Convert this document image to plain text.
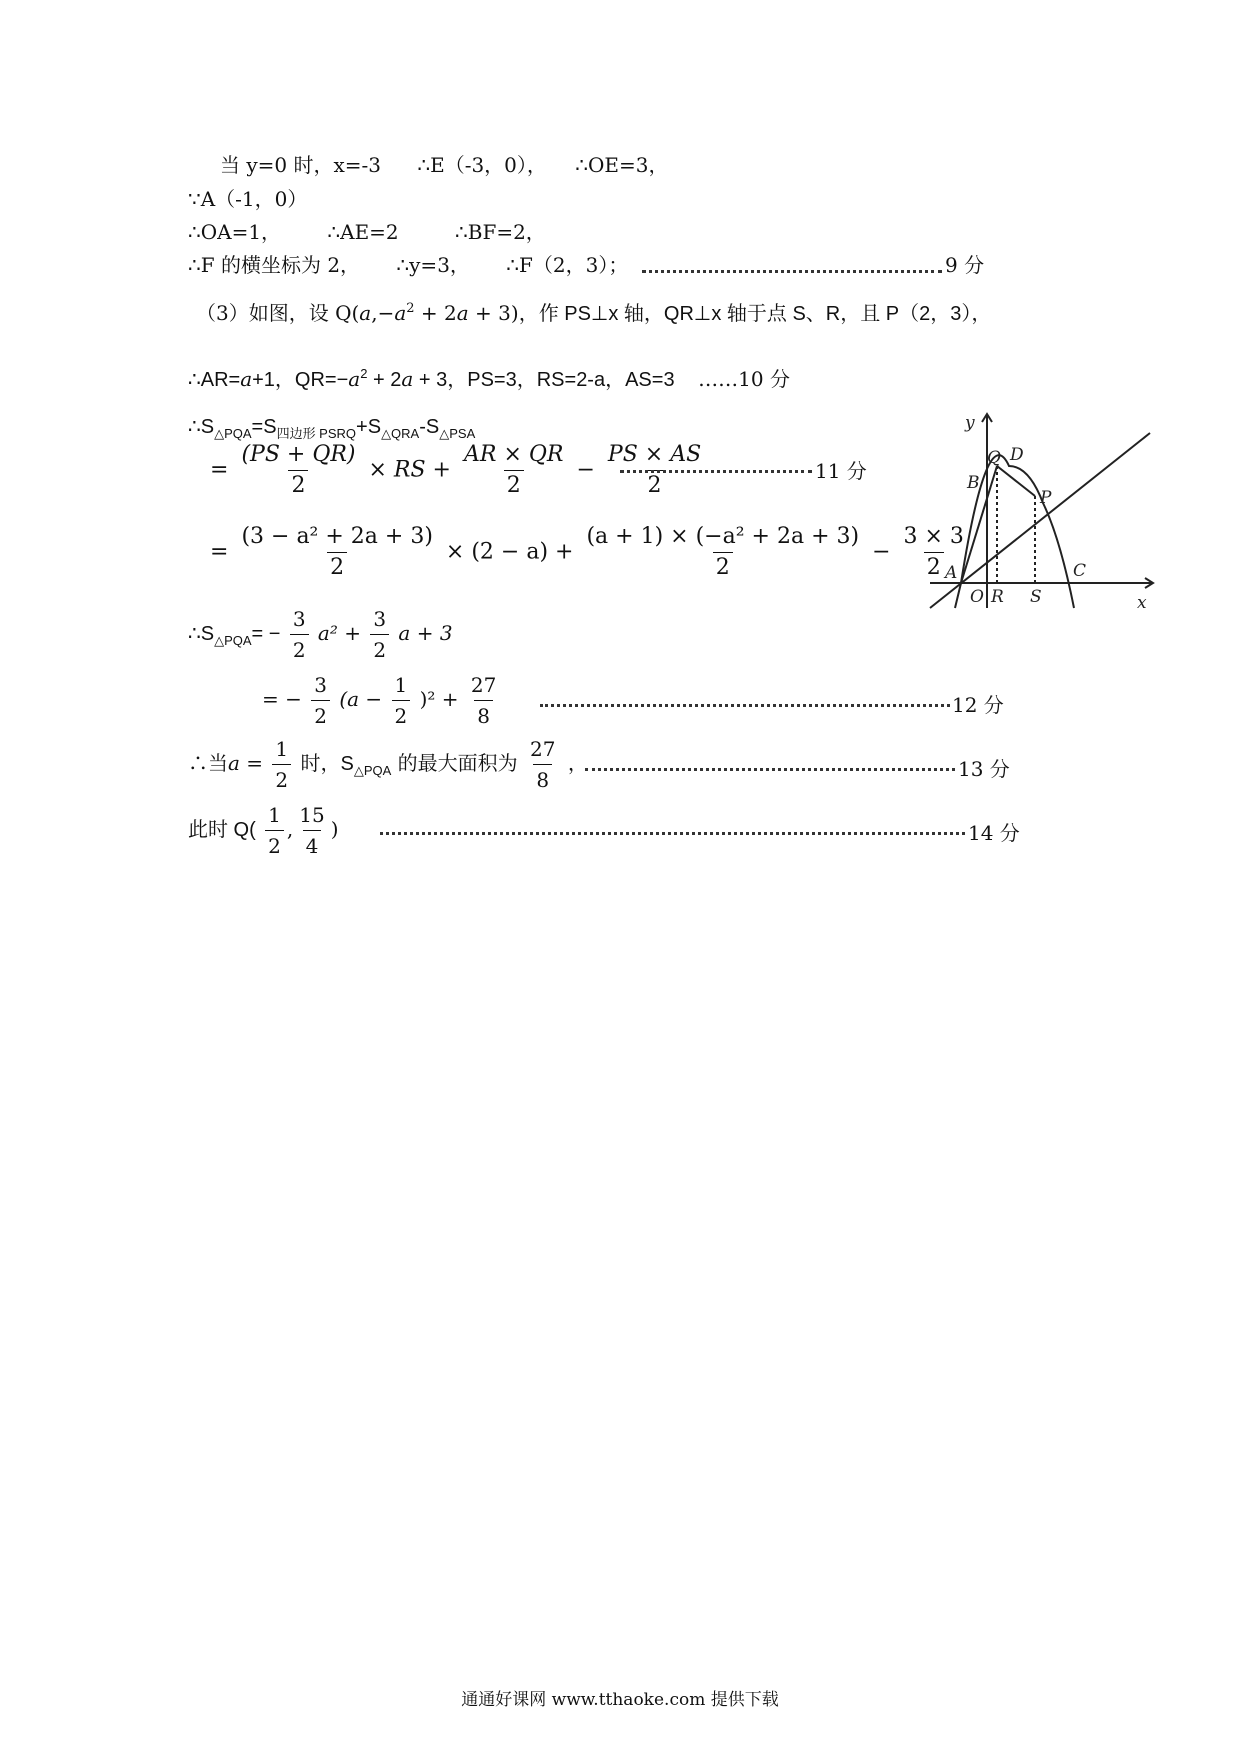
当 y=0 时，x=-3 ∴E（-3，0）， ∴OE=3，
∵A（-1，0）
∴OA=1， ∴AE=2	∴BF=2，
∴F 的横坐标为 2， ∴y=3， ∴F（2，3）；	9 分
（3）如图，设 $Q(a,-a^2 + 2a + 3)$，作 PS⊥x 轴，QR⊥x 轴于点 S、R，且 P（2，3），
∴AR=a+1，$QR=-a^2 + 2a + 3$，PS=3，RS=2-a，AS=3 ……10 分
$\therefore S_{\triangle PQA}=S_{四边形 PSRQ}+S_{\triangle QRA}-S_{\triangle PSA}$
= $\frac{(PS + QR)}{2}$ × RS + $\frac{AR \times QR}{2} - \frac{PS \times AS}{2}$	11 分
= $\frac{\text{(3 − a² + 2a + 3)}}{2} \times (2 - a) + \frac{\text{(a + 1) × (−a² + 2a + 3)}}{2} - \frac{3 \times 3}{2}$
$\therefore S_{\triangle PQA}= - \frac{3}{2} a^2 + \frac{3}{2}$ a + 3
= − $\frac{3}{2} (a - \frac{1}{2} )^2 + \frac{27}{8}$	12 分
∴当$a = \frac{1}{2}$ 时，$S_{\triangle PQA}$ 的最大面积为 $\frac{27}{8}$ ，	13 分
此时 $Q( \frac{1}{2}$ , $\frac{15}{4}$ )	14 分
y
x
Q D
B
P
A
O R S
C
通通好课网 www.tthaoke.com 提供下载
